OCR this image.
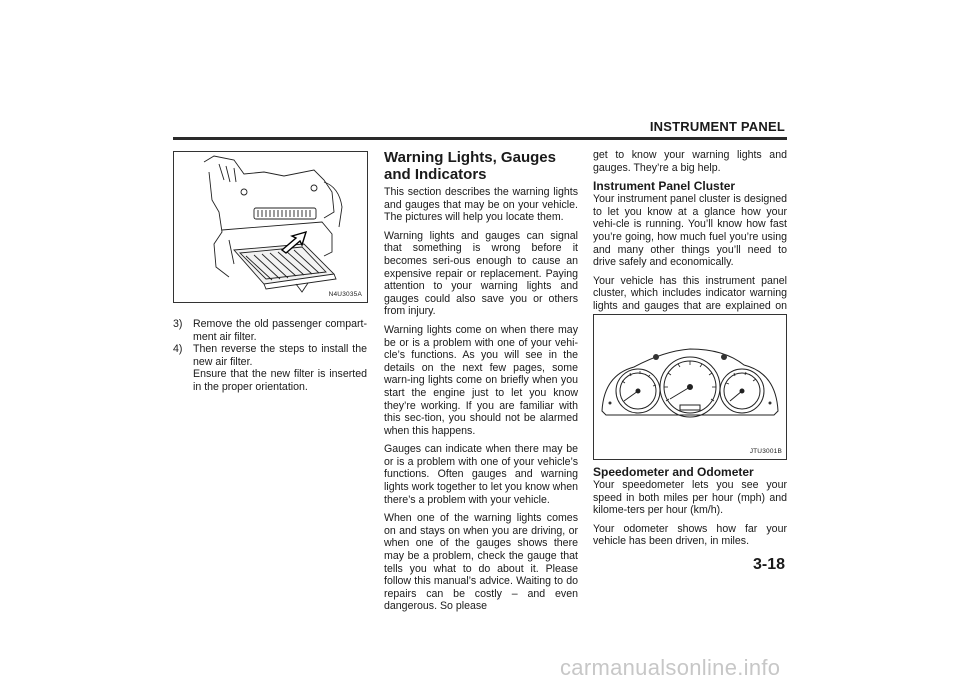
INSTRUMENT PANEL
N4U3035A
3) Remove the old passenger compart-ment air filter.
4) Then reverse the steps to install the new air filter.
Ensure that the new filter is inserted in the proper orientation.
Warning Lights, Gauges and Indicators

This section describes the warning lights and gauges that may be on your vehicle. The pictures will help you locate them.

Warning lights and gauges can signal that something is wrong before it becomes seri-ous enough to cause an expensive repair or replacement. Paying attention to your warning lights and gauges could also save you or others from injury.

Warning lights come on when there may be or is a problem with one of your vehi-cle’s functions. As you will see in the details on the next few pages, some warn-ing lights come on briefly when you start the engine just to let you know they’re working. If you are familiar with this sec-tion, you should not be alarmed when this happens.

Gauges can indicate when there may be or is a problem with one of your vehicle’s functions. Often gauges and warning lights work together to let you know when there’s a problem with your vehicle.

When one of the warning lights comes on and stays on when you are driving, or when one of the gauges shows there may be a problem, check the gauge that tells you what to do about it. Please follow this manual’s advice. Waiting to do repairs can be costly – and even dangerous. So please

get to know your warning lights and gauges. They’re a big help.

Instrument Panel Cluster

Your instrument panel cluster is designed to let you know at a glance how your vehi-cle is running. You’ll know how fast you’re going, how much fuel you’re using and many other things you’ll need to drive safely and economically.

Your vehicle has this instrument panel cluster, which includes indicator warning lights and gauges that are explained on

JTU3001B
Speedometer and Odometer

Your speedometer lets you see your speed in both miles per hour (mph) and kilome-ters per hour (km/h).

Your odometer shows how far your vehicle has been driven, in miles.

3-18
carmanualsonline.info
